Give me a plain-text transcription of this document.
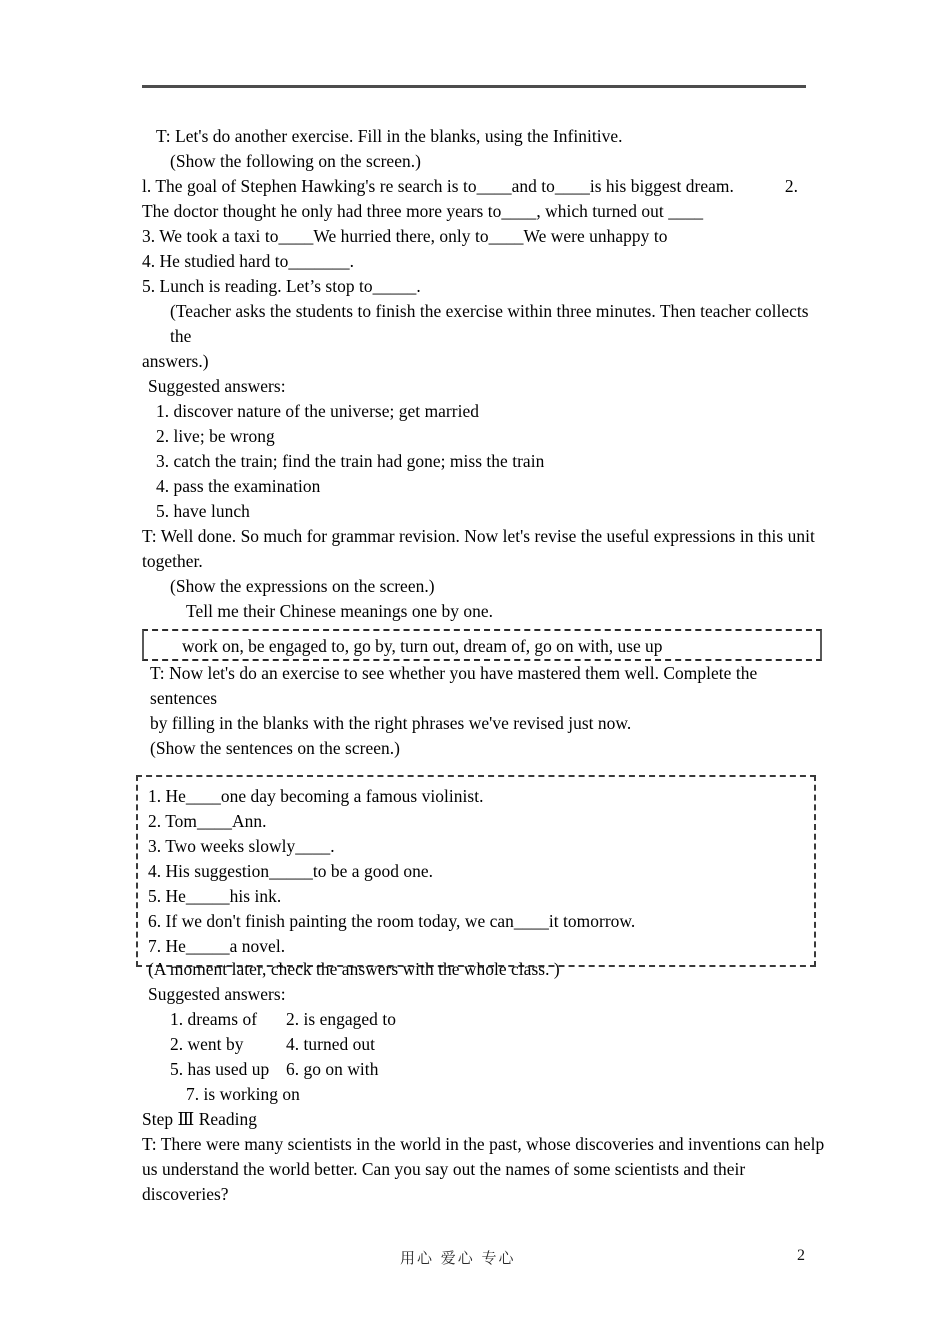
T: Let's do another exercise. Fill in the blanks, using the Infinitive.
(Show the following on the screen.)
l. The goal of Stephen Hawking's re search is to____and to____is his biggest dream.	2.
The doctor thought he only had three more years to____, which turned out ____
3. We took a taxi to____We hurried there, only to____We were unhappy to
4. He studied hard to_______.
5. Lunch is reading. Let’s stop to_____.
(Teacher asks the students to finish the exercise within three minutes. Then teacher collects the
answers.)
Suggested answers:
1. discover nature of the universe; get married
2. live; be wrong
3. catch the train; find the train had gone; miss the train
4. pass the examination
5. have lunch
T: Well done. So much for grammar revision. Now let's revise the useful expressions in this unit
together.
(Show the expressions on the screen.)
Tell me their Chinese meanings one by one.
work on, be engaged to, go by, turn out, dream of, go on with, use up
T: Now let's do an exercise to see whether you have mastered them well. Complete the sentences
by filling in the blanks with the right phrases we've revised just now.
(Show the sentences on the screen.)
1. He____one day becoming a famous violinist.
2. Tom____Ann.
3. Two weeks slowly____.
4. His suggestion_____to be a good one.
5. He_____his ink.
6. If we don't finish painting the room today, we can____it tomorrow.
7. He_____a novel.
(A moment later, check the answers with the whole class. )
Suggested answers:
1. dreams of	2. is engaged to
2. went by	4. turned out
5. has used up 6. go on with
7. is working on
Step Ⅲ Reading
T: There were many scientists in the world in the past, whose discoveries and inventions can help
us understand the world better. Can you say out the names of some scientists and their
discoveries?
用心 爱心 专心	2
